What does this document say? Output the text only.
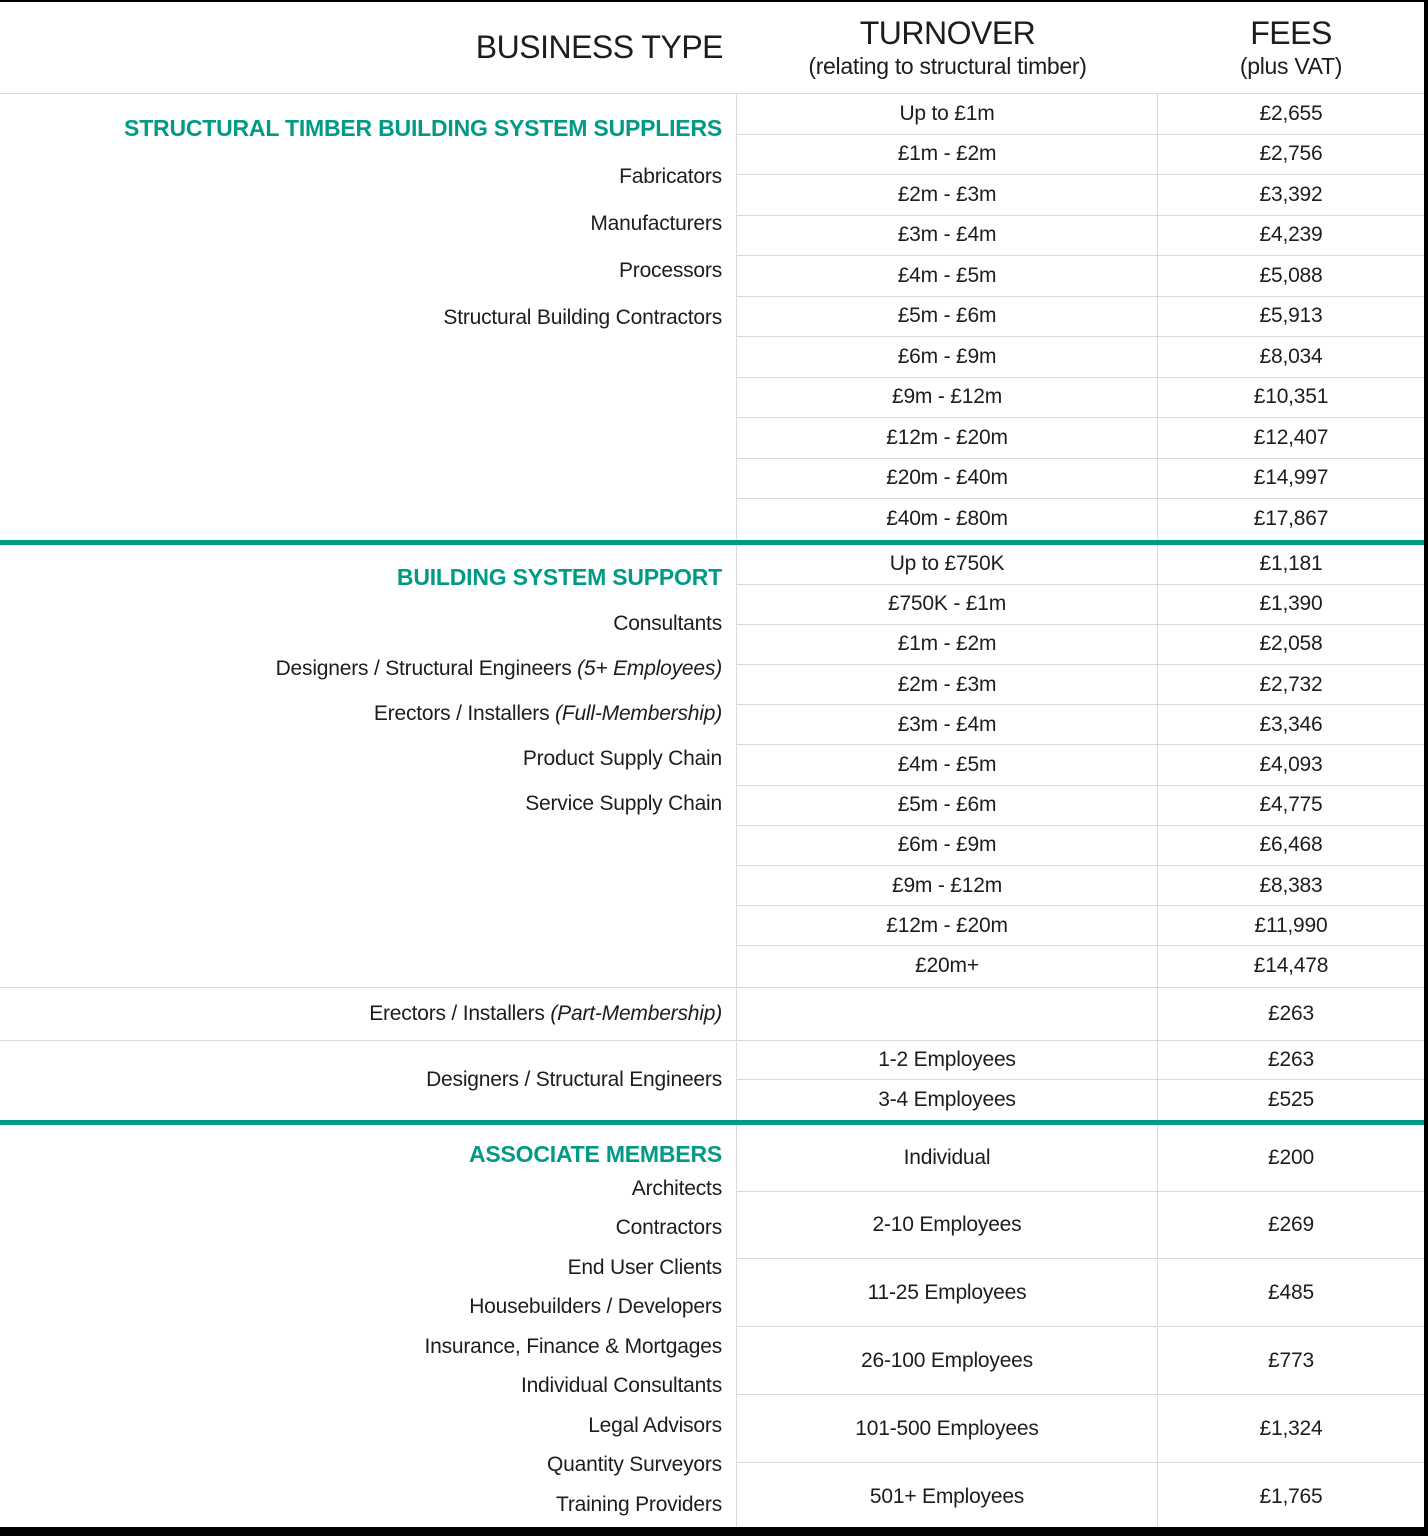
BUSINESS TYPE	TURNOVER
(relating to structural timber)
FEES
(plus VAT)
STRUCTURAL TIMBER BUILDING SYSTEM SUPPLIERS
Fabricators
Manufacturers
Processors
Structural Building Contractors
Up to £1m	£2,655
£1m - £2m	£2,756
£2m - £3m	£3,392
£3m - £4m	£4,239
£4m - £5m	£5,088
£5m - £6m	£5,913
£6m - £9m	£8,034
£9m - £12m	£10,351
£12m - £20m	£12,407
£20m - £40m	£14,997
£40m - £80m	£17,867
BUILDING SYSTEM SUPPORT
Consultants
Designers / Structural Engineers (5+ Employees)
Erectors / Installers (Full-Membership)
Product Supply Chain
Service Supply Chain
Up to £750K	£1,181
£750K - £1m	£1,390
£1m - £2m	£2,058
£2m - £3m	£2,732
£3m - £4m	£3,346
£4m - £5m	£4,093
£5m - £6m	£4,775
£6m - £9m	£6,468
£9m - £12m	£8,383
£12m - £20m	£11,990
£20m+	£14,478
Erectors / Installers (Part-Membership)	£263
Designers / Structural Engineers
1-2 Employees	£263
3-4 Employees	£525
ASSOCIATE MEMBERS
Architects
Contractors
End User Clients
Housebuilders / Developers
Insurance, Finance & Mortgages
Individual Consultants
Legal Advisors
Quantity Surveyors
Training Providers
Individual	£200
2-10 Employees	£269
11-25 Employees	£485
26-100 Employees	£773
101-500 Employees	£1,324
501+ Employees	£1,765
